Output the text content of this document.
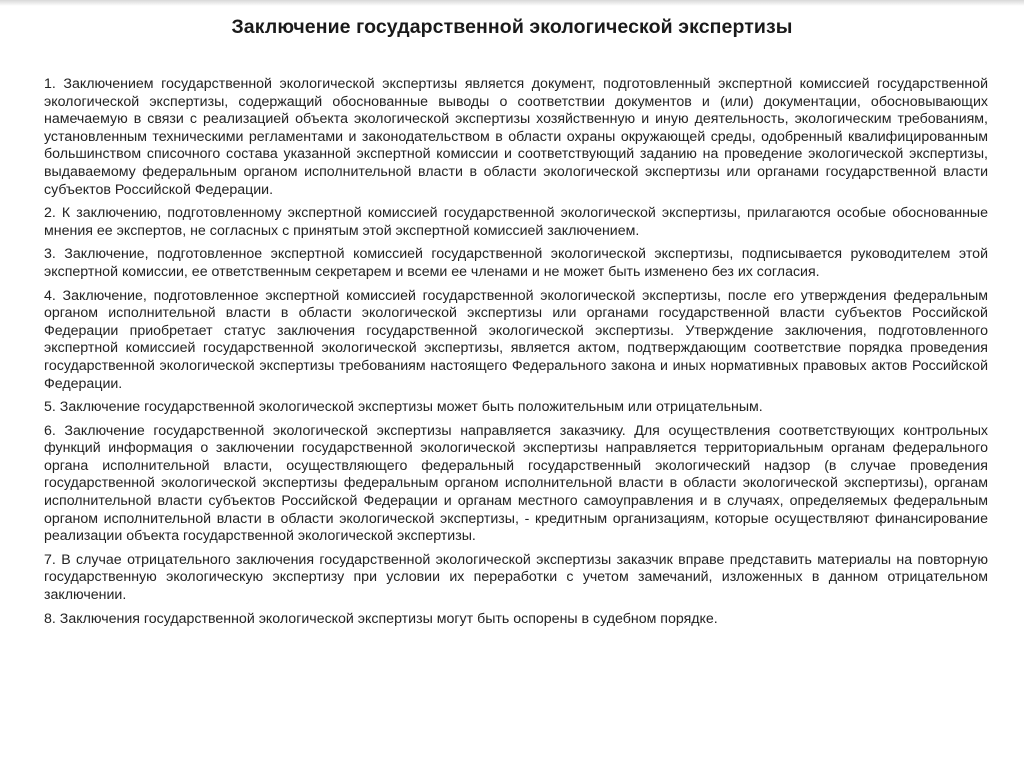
Заключение государственной экологической экспертизы

1. Заключением государственной экологической экспертизы является документ, подготовленный экспертной комиссией государственной экологической экспертизы, содержащий обоснованные выводы о соответствии документов и (или) документации, обосновывающих намечаемую в связи с реализацией объекта экологической экспертизы хозяйственную и иную деятельность, экологическим требованиям, установленным техническими регламентами и законодательством в области охраны окружающей среды, одобренный квалифицированным большинством списочного состава указанной экспертной комиссии и соответствующий заданию на проведение экологической экспертизы, выдаваемому федеральным органом исполнительной власти в области экологической экспертизы или органами государственной власти субъектов Российской Федерации.

2. К заключению, подготовленному экспертной комиссией государственной экологической экспертизы, прилагаются особые обоснованные мнения ее экспертов, не согласных с принятым этой экспертной комиссией заключением.

3. Заключение, подготовленное экспертной комиссией государственной экологической экспертизы, подписывается руководителем этой экспертной комиссии, ее ответственным секретарем и всеми ее членами и не может быть изменено без их согласия.

4. Заключение, подготовленное экспертной комиссией государственной экологической экспертизы, после его утверждения федеральным органом исполнительной власти в области экологической экспертизы или органами государственной власти субъектов Российской Федерации приобретает статус заключения государственной экологической экспертизы. Утверждение заключения, подготовленного экспертной комиссией государственной экологической экспертизы, является актом, подтверждающим соответствие порядка проведения государственной экологической экспертизы требованиям настоящего Федерального закона и иных нормативных правовых актов Российской Федерации.

5. Заключение государственной экологической экспертизы может быть положительным или отрицательным.

6. Заключение государственной экологической экспертизы направляется заказчику. Для осуществления соответствующих контрольных функций информация о заключении государственной экологической экспертизы направляется территориальным органам федерального органа исполнительной власти, осуществляющего федеральный государственный экологический надзор (в случае проведения государственной экологической экспертизы федеральным органом исполнительной власти в области экологической экспертизы), органам исполнительной власти субъектов Российской Федерации и органам местного самоуправления и в случаях, определяемых федеральным органом исполнительной власти в области экологической экспертизы, - кредитным организациям, которые осуществляют финансирование реализации объекта государственной экологической экспертизы.

7. В случае отрицательного заключения государственной экологической экспертизы заказчик вправе представить материалы на повторную государственную экологическую экспертизу при условии их переработки с учетом замечаний, изложенных в данном отрицательном заключении.

8. Заключения государственной экологической экспертизы могут быть оспорены в судебном порядке.
